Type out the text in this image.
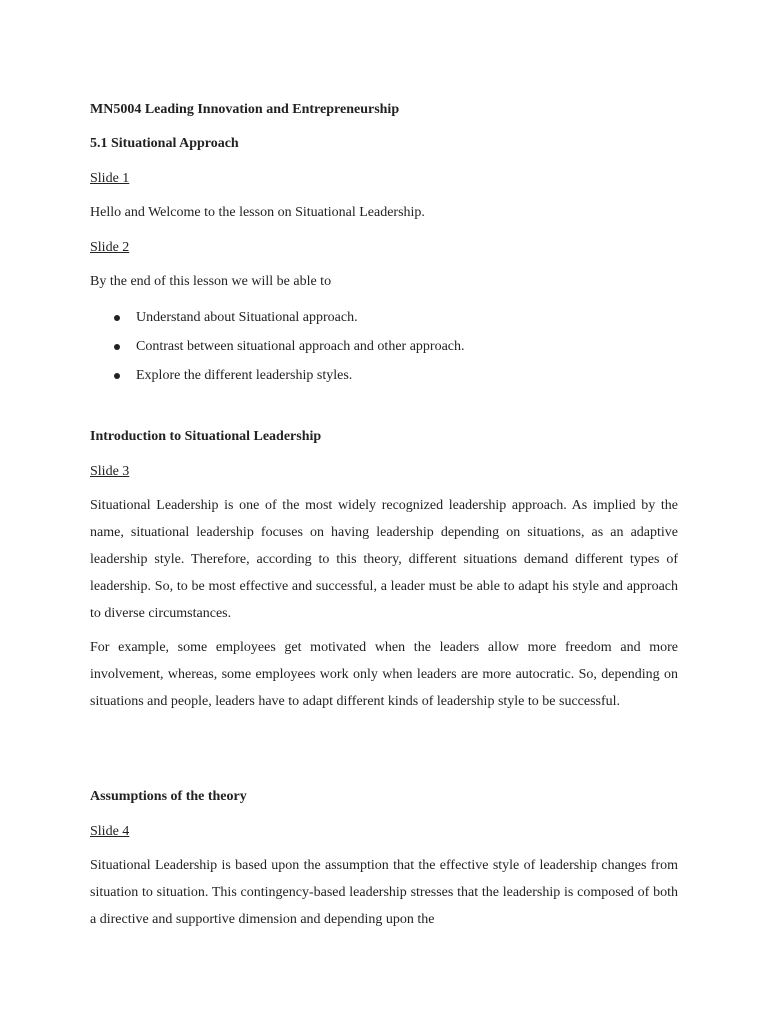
MN5004 Leading Innovation and Entrepreneurship
5.1 Situational Approach
Slide 1
Hello and Welcome to the lesson on Situational Leadership.
Slide 2
By the end of this lesson we will be able to
Understand about Situational approach.
Contrast between situational approach and other approach.
Explore the different leadership styles.
Introduction to Situational Leadership
Slide 3
Situational Leadership is one of the most widely recognized leadership approach. As implied by the name, situational leadership focuses on having leadership depending on situations, as an adaptive leadership style. Therefore, according to this theory, different situations demand different types of leadership. So, to be most effective and successful, a leader must be able to adapt his style and approach to diverse circumstances.
For example, some employees get motivated when the leaders allow more freedom and more involvement, whereas, some employees work only when leaders are more autocratic. So, depending on situations and people, leaders have to adapt different kinds of leadership style to be successful.
Assumptions of the theory
Slide 4
Situational Leadership is based upon the assumption that the effective style of leadership changes from situation to situation. This contingency-based leadership stresses that the leadership is composed of both a directive and supportive dimension and depending upon the
